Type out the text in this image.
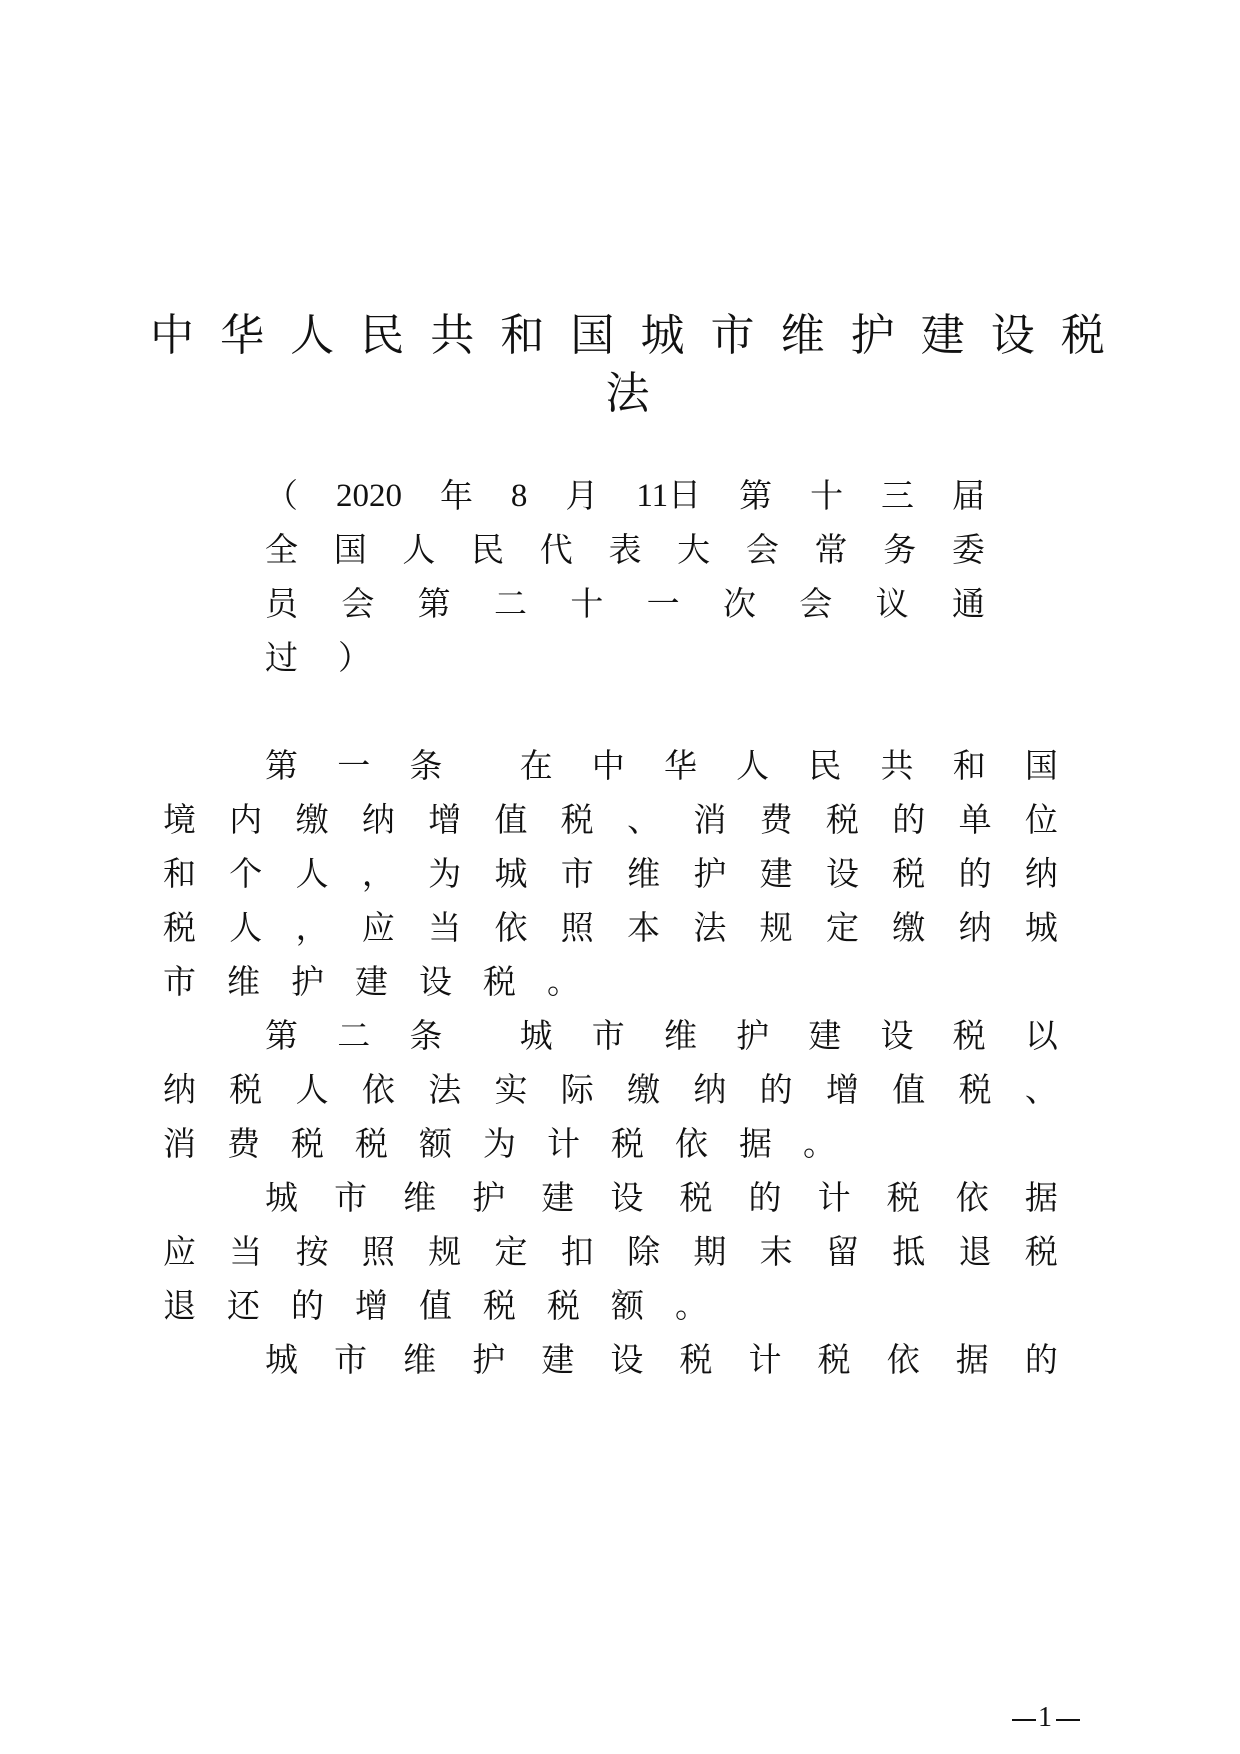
中 华 人 民 共 和 国 城 市 维 护 建 设 税
法
（ 2020 年 8 月 11日 第 十 三 届
全 国 人 民 代 表 大 会 常 务 委
员 会 第 二 十 一 次 会 议 通
过 ）
第 一 条 在 中 华 人 民 共 和 国
境 内 缴 纳 增 值 税 、 消 费 税 的 单 位
和 个 人 ， 为 城 市 维 护 建 设 税 的 纳
税 人 ， 应 当 依 照 本 法 规 定 缴 纳 城
市 维 护 建 设 税 。
第 二 条 城 市 维 护 建 设 税 以
纳 税 人 依 法 实 际 缴 纳 的 增 值 税 、
消 费 税 税 额 为 计 税 依 据 。
城 市 维 护 建 设 税 的 计 税 依 据
应 当 按 照 规 定 扣 除 期 末 留 抵 退 税
退 还 的 增 值 税 税 额 。
城 市 维 护 建 设 税 计 税 依 据 的
1
